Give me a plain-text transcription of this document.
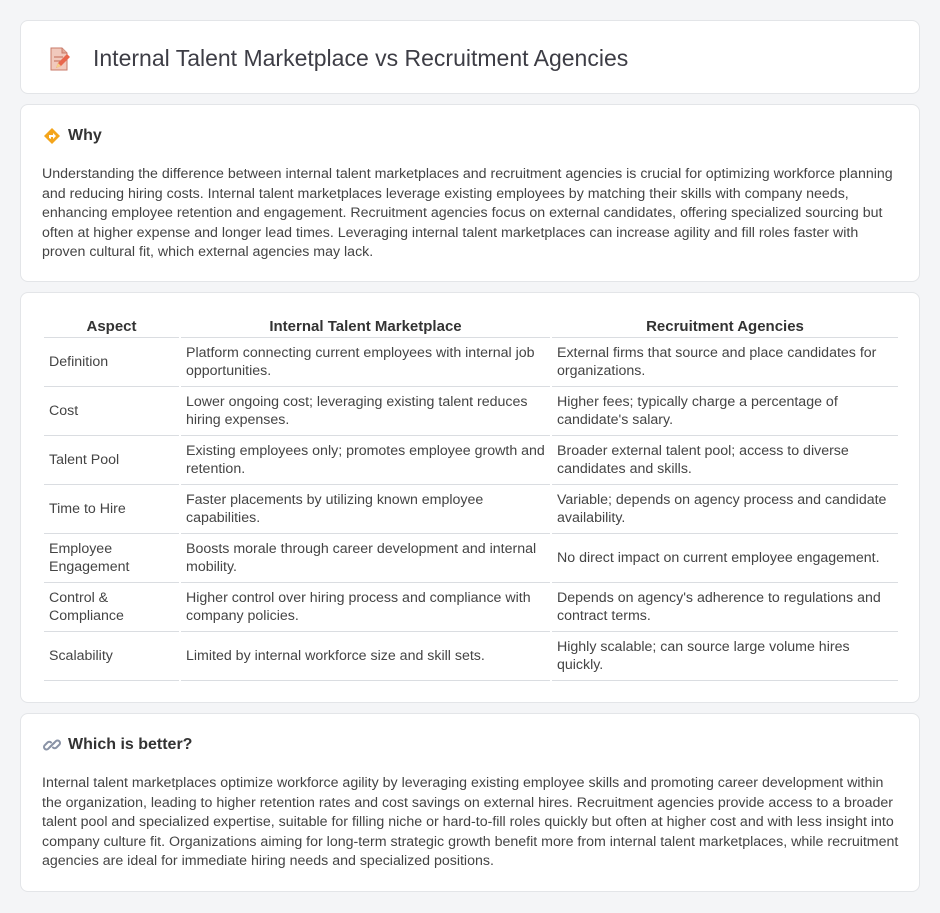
Internal Talent Marketplace vs Recruitment Agencies
Why

Understanding the difference between internal talent marketplaces and recruitment agencies is crucial for optimizing workforce planning and reducing hiring costs. Internal talent marketplaces leverage existing employees by matching their skills with company needs, enhancing employee retention and engagement. Recruitment agencies focus on external candidates, offering specialized sourcing but often at higher expense and longer lead times. Leveraging internal talent marketplaces can increase agility and fill roles faster with proven cultural fit, which external agencies may lack.

Aspect	Internal Talent Marketplace	Recruitment Agencies
Definition	Platform connecting current employees with internal job opportunities.	External firms that source and place candidates for organizations.
Cost	Lower ongoing cost; leveraging existing talent reduces hiring expenses.	Higher fees; typically charge a percentage of candidate's salary.
Talent Pool	Existing employees only; promotes employee growth and retention.	Broader external talent pool; access to diverse candidates and skills.
Time to Hire	Faster placements by utilizing known employee capabilities.	Variable; depends on agency process and candidate availability.
Employee Engagement	Boosts morale through career development and internal mobility.	No direct impact on current employee engagement.
Control & Compliance	Higher control over hiring process and compliance with company policies.	Depends on agency's adherence to regulations and contract terms.
Scalability	Limited by internal workforce size and skill sets.	Highly scalable; can source large volume hires quickly.
Which is better?

Internal talent marketplaces optimize workforce agility by leveraging existing employee skills and promoting career development within the organization, leading to higher retention rates and cost savings on external hires. Recruitment agencies provide access to a broader talent pool and specialized expertise, suitable for filling niche or hard-to-fill roles quickly but often at higher cost and with less insight into company culture fit. Organizations aiming for long-term strategic growth benefit more from internal talent marketplaces, while recruitment agencies are ideal for immediate hiring needs and specialized positions.
